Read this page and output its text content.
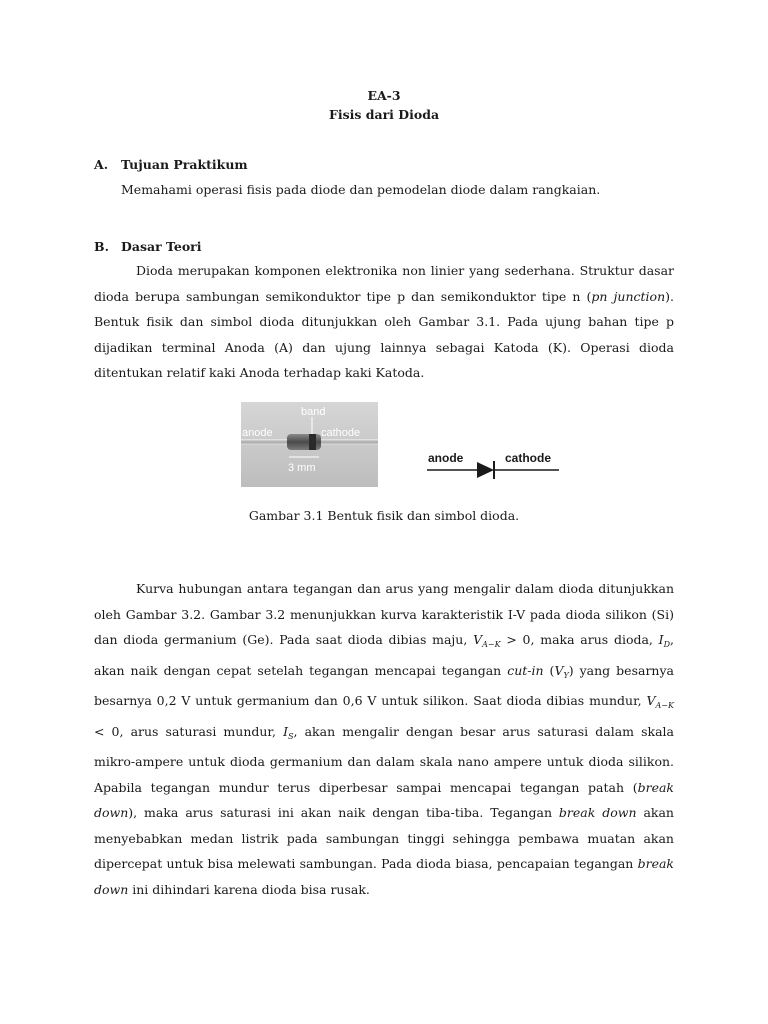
EA-3
Fisis dari Dioda
A. Tujuan Praktikum
Memahami operasi fisis pada diode dan pemodelan diode dalam rangkaian.
B. Dasar Teori

Dioda merupakan komponen elektronika non linier yang sederhana. Struktur dasar dioda berupa sambungan semikonduktor tipe p dan semikonduktor tipe n (pn junction). Bentuk fisik dan simbol dioda ditunjukkan oleh Gambar 3.1. Pada ujung bahan tipe p dijadikan terminal Anoda (A) dan ujung lainnya sebagai Katoda (K). Operasi dioda ditentukan relatif kaki Anoda terhadap kaki Katoda.

band
anode	cathode
3 mm
anode	cathode
Gambar 3.1 Bentuk fisik dan simbol dioda.

Kurva hubungan antara tegangan dan arus yang mengalir dalam dioda ditunjukkan oleh Gambar 3.2. Gambar 3.2 menunjukkan kurva karakteristik I-V pada dioda silikon (Si) dan dioda germanium (Ge). Pada saat dioda dibias maju, $V_{A-K} > 0$, maka arus dioda, $I_D$, akan naik dengan cepat setelah tegangan mencapai tegangan cut-in $(V_Y)$ yang besarnya besarnya 0,2 V untuk germanium dan 0,6 V untuk silikon. Saat dioda dibias mundur, $V_{A-K} < 0$, arus saturasi mundur, $I_S$, akan mengalir dengan besar arus saturasi dalam skala mikro-ampere untuk dioda germanium dan dalam skala nano ampere untuk dioda silikon. Apabila tegangan mundur terus diperbesar sampai mencapai tegangan patah (break down), maka arus saturasi ini akan naik dengan tiba-tiba. Tegangan break down akan menyebabkan medan listrik pada sambungan tinggi sehingga pembawa muatan akan dipercepat untuk bisa melewati sambungan. Pada dioda biasa, pencapaian tegangan break down ini dihindari karena dioda bisa rusak.
